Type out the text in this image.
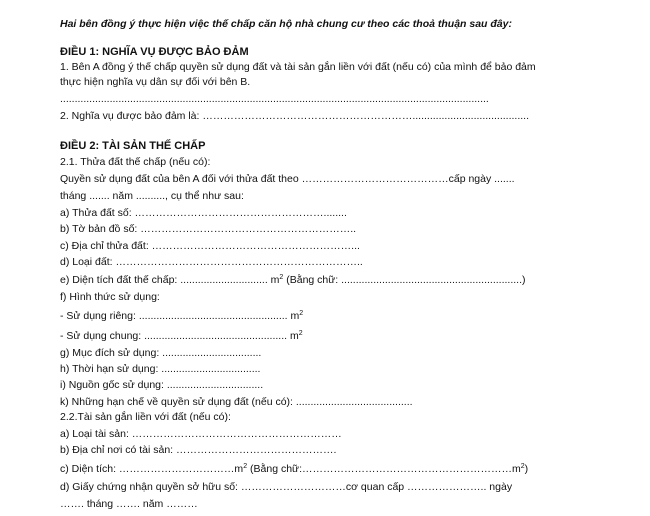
Hai bên đồng ý thực hiện việc thế chấp căn hộ nhà chung cư theo các thoả thuận sau đây:
ĐIỀU 1: NGHĨA VỤ ĐƯỢC BẢO ĐẢM
1. Bên A đồng ý thế chấp quyền sử dụng đất và tài sản gắn liền với đất (nếu có) của mình để bảo đảm
thực hiện nghĩa vụ dân sự đối với bên B.
...................................................................................................................................................
2. Nghĩa vụ được bảo đảm là: ……………………………………………………........................................
ĐIỀU 2: TÀI SẢN THẾ CHẤP
2.1. Thửa đất thế chấp (nếu có):
Quyền sử dụng đất của bên A đối với thửa đất theo ……………………………………cấp ngày .......
tháng ....... năm .........., cụ thể như sau:
a) Thửa đất số: ………………………………………………........
b) Tờ bản đồ số: ……………………………………………………..
c) Địa chỉ thửa đất: …………………………………………………...
d) Loại đất: ……………………………………………………………..
e) Diện tích đất thế chấp: .............................. $m^2$ (Bằng chữ: ..............................................................)
f) Hình thức sử dụng:
- Sử dụng riêng: ................................................... $m^2$
- Sử dụng chung: ................................................. $m^2$
g) Mục đích sử dụng: ..................................
h) Thời hạn sử dụng: ..................................
i) Nguồn gốc sử dụng: .................................
k) Những hạn chế về quyền sử dụng đất (nếu có): ........................................
2.2.Tài sản gắn liền với đất (nếu có):
a) Loại tài sản: ……………………………………………………
b) Địa chỉ nơi có tài sản: ……………………………………….
c) Diện tích: $\dots\dots\dots\dots\dots\dots\dots\dots\dots\dots\dots m^2$ (Bằng $chữ:\dots\dots\dots\dots\dots\dots\dots\dots\dots\dots\dots\dots\dots\dots\dots\dots\dots\dots\dots\dots m^2$)
d) Giấy chứng nhận quyền sở hữu số: …………………………cơ quan cấp ………………….. ngày
……. tháng ……. năm ………
